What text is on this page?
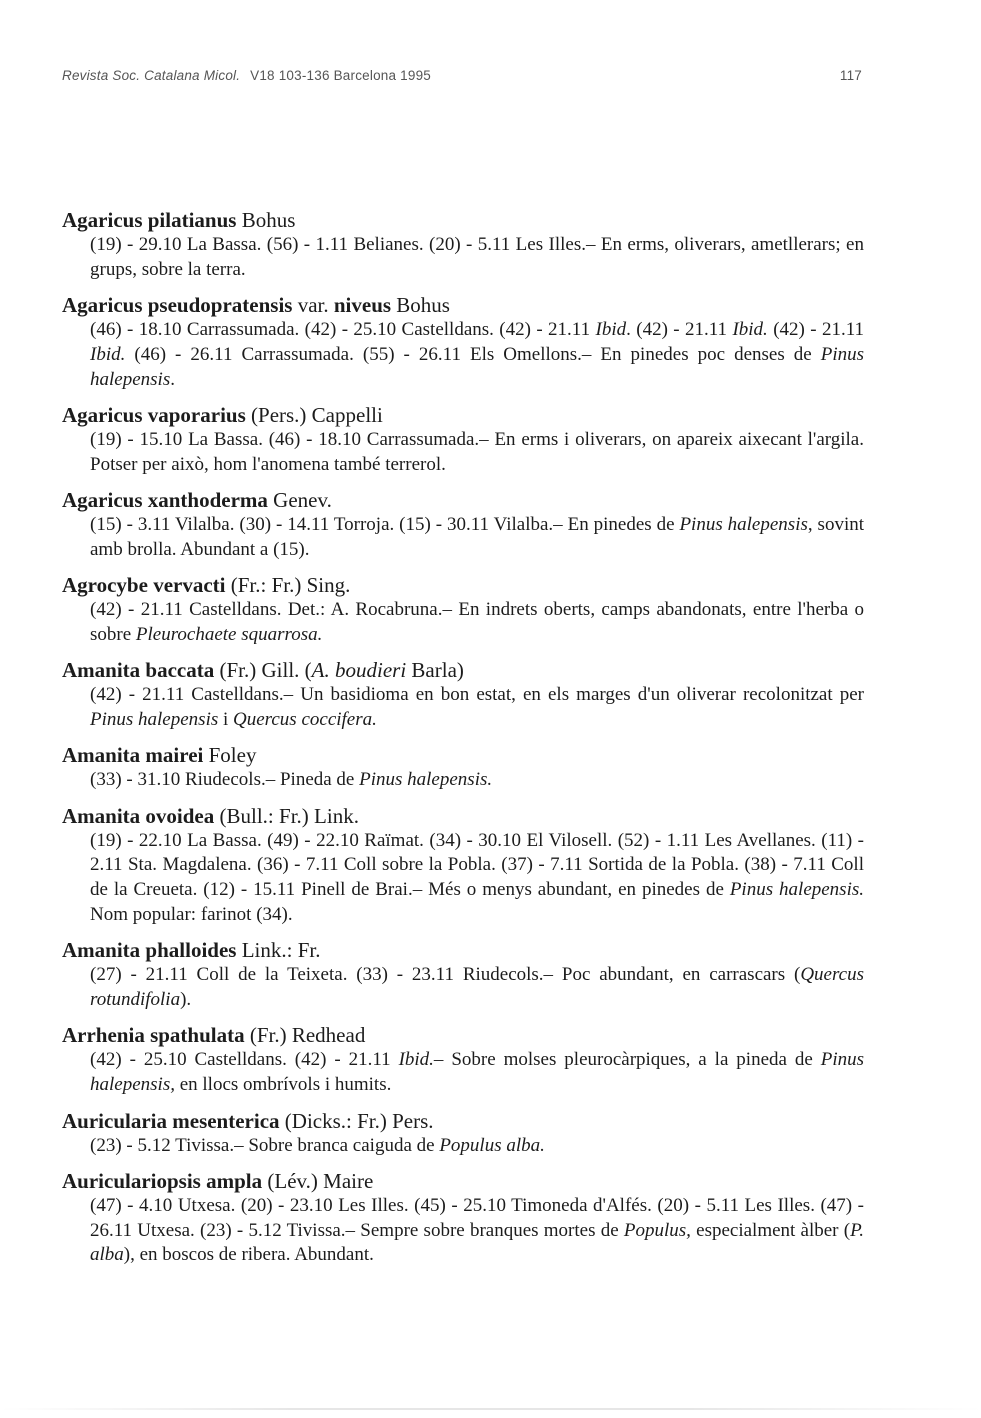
Revista Soc. Catalana Micol. V18 103-136 Barcelona 1995	117
Agaricus pilatianus Bohus
(19) - 29.10 La Bassa. (56) - 1.11 Belianes. (20) - 5.11 Les Illes.– En erms, oliverars, ametllerars; en grups, sobre la terra.
Agaricus pseudopratensis var. niveus Bohus
(46) - 18.10 Carrassumada. (42) - 25.10 Castelldans. (42) - 21.11 Ibid. (42) - 21.11 Ibid. (42) - 21.11 Ibid. (46) - 26.11 Carrassumada. (55) - 26.11 Els Omellons.– En pinedes poc denses de Pinus halepensis.
Agaricus vaporarius (Pers.) Cappelli
(19) - 15.10 La Bassa. (46) - 18.10 Carrassumada.– En erms i oliverars, on apareix aixecant l'argila. Potser per això, hom l'anomena també terrerol.
Agaricus xanthoderma Genev.
(15) - 3.11 Vilalba. (30) - 14.11 Torroja. (15) - 30.11 Vilalba.– En pinedes de Pinus halepensis, sovint amb brolla. Abundant a (15).
Agrocybe vervacti (Fr.: Fr.) Sing.
(42) - 21.11 Castelldans. Det.: A. Rocabruna.– En indrets oberts, camps abandonats, entre l'herba o sobre Pleurochaete squarrosa.
Amanita baccata (Fr.) Gill. (A. boudieri Barla)
(42) - 21.11 Castelldans.– Un basidioma en bon estat, en els marges d'un oliverar recolonitzat per Pinus halepensis i Quercus coccifera.
Amanita mairei Foley
(33) - 31.10 Riudecols.– Pineda de Pinus halepensis.
Amanita ovoidea (Bull.: Fr.) Link.
(19) - 22.10 La Bassa. (49) - 22.10 Raïmat. (34) - 30.10 El Vilosell. (52) - 1.11 Les Avellanes. (11) - 2.11 Sta. Magdalena. (36) - 7.11 Coll sobre la Pobla. (37) - 7.11 Sortida de la Pobla. (38) - 7.11 Coll de la Creueta. (12) - 15.11 Pinell de Brai.– Més o menys abundant, en pinedes de Pinus halepensis. Nom popular: farinot (34).
Amanita phalloides Link.: Fr.
(27) - 21.11 Coll de la Teixeta. (33) - 23.11 Riudecols.– Poc abundant, en carrascars (Quercus rotundifolia).
Arrhenia spathulata (Fr.) Redhead
(42) - 25.10 Castelldans. (42) - 21.11 Ibid.– Sobre molses pleurocàrpiques, a la pineda de Pinus halepensis, en llocs ombrívols i humits.
Auricularia mesenterica (Dicks.: Fr.) Pers.
(23) - 5.12 Tivissa.– Sobre branca caiguda de Populus alba.
Auriculariopsis ampla (Lév.) Maire
(47) - 4.10 Utxesa. (20) - 23.10 Les Illes. (45) - 25.10 Timoneda d'Alfés. (20) - 5.11 Les Illes. (47) - 26.11 Utxesa. (23) - 5.12 Tivissa.– Sempre sobre branques mortes de Populus, especialment àlber (P. alba), en boscos de ribera. Abundant.
